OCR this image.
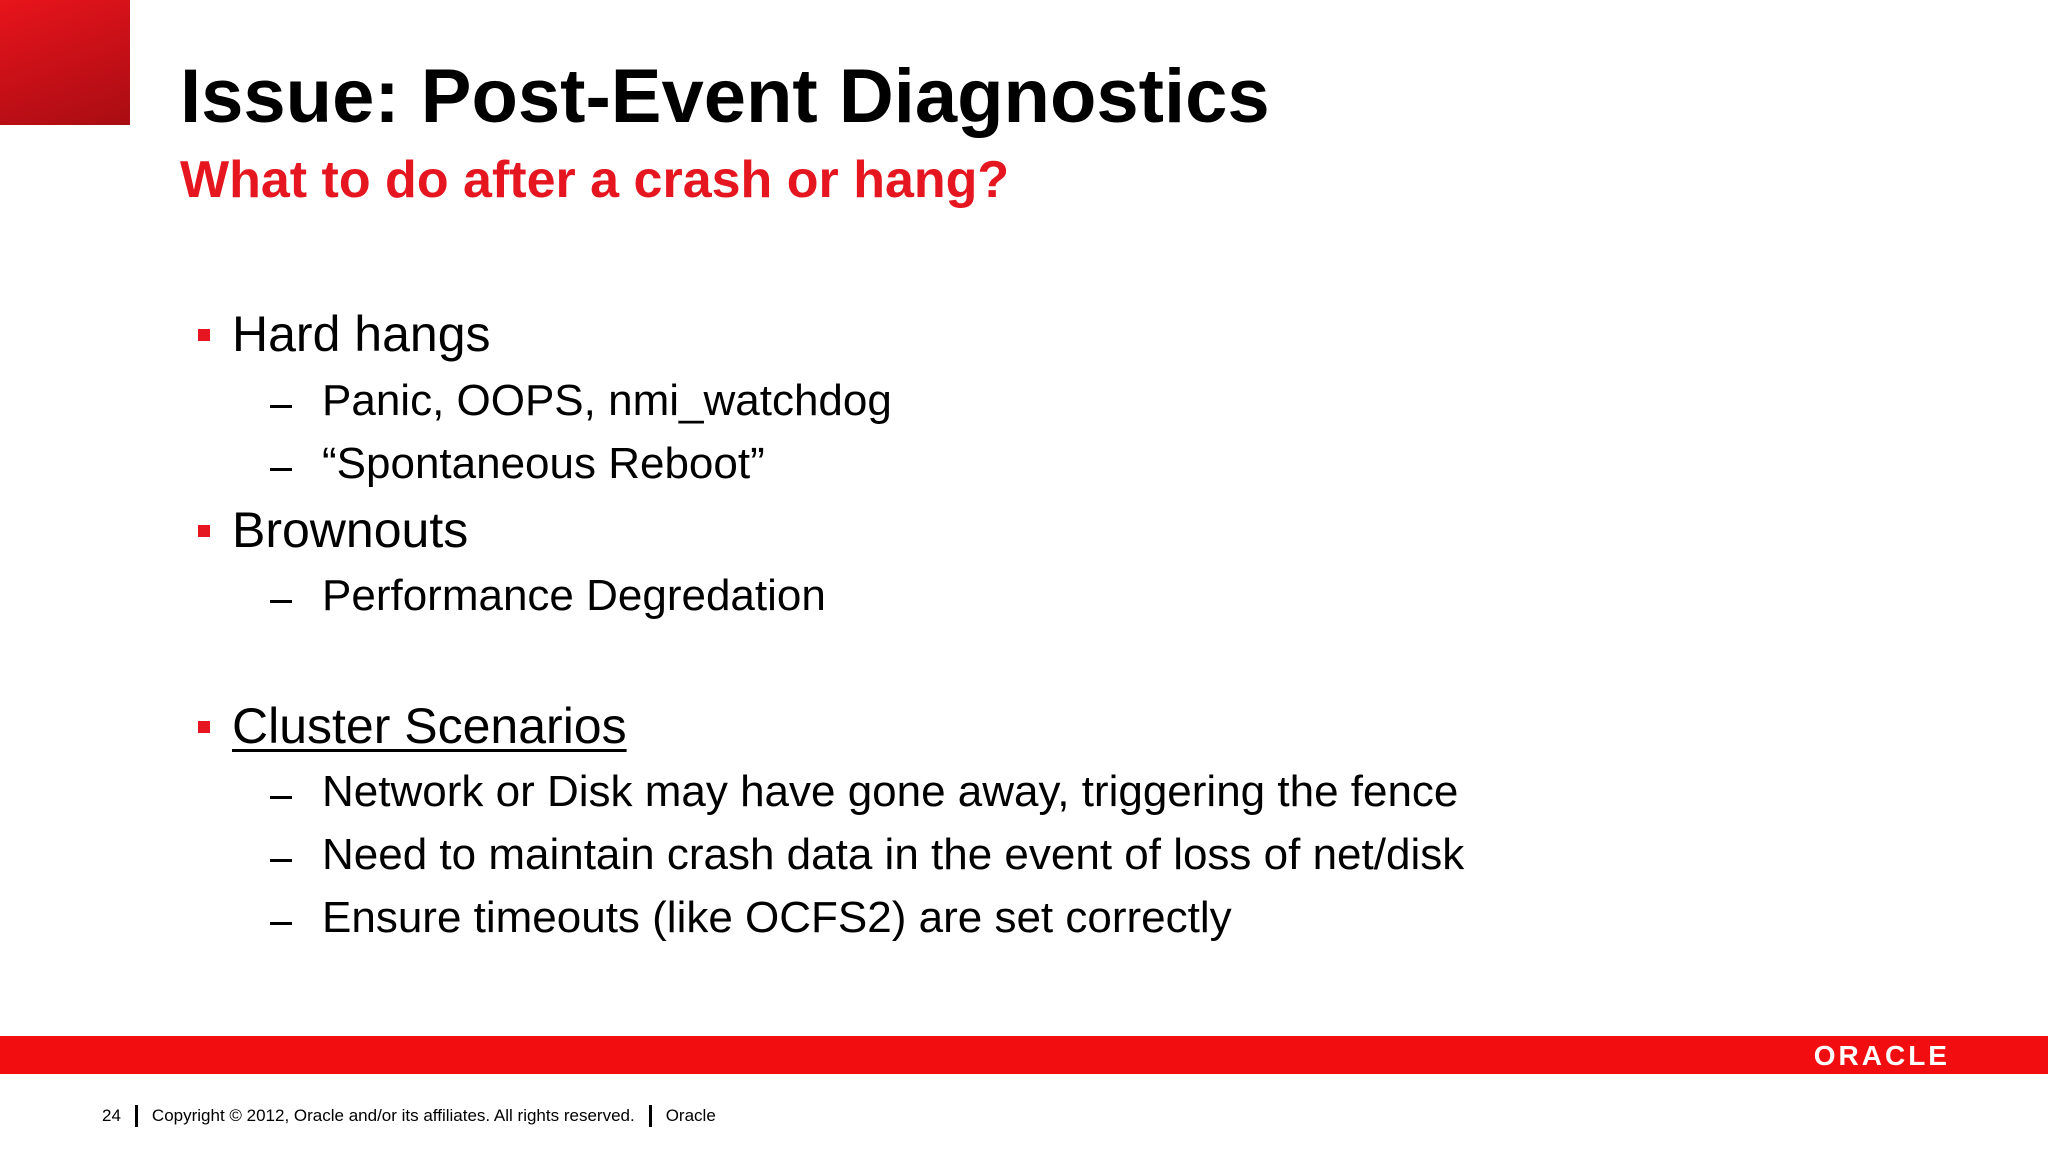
Issue: Post-Event Diagnostics
What to do after a crash or hang?
Hard hangs
Panic, OOPS, nmi_watchdog
“Spontaneous Reboot”
Brownouts
Performance Degredation
Cluster Scenarios
Network or Disk may have gone away, triggering the fence
Need to maintain crash data in the event of loss of net/disk
Ensure timeouts (like OCFS2) are set correctly
ORACLE
24 Copyright © 2012, Oracle and/or its affiliates. All rights reserved. Oracle
